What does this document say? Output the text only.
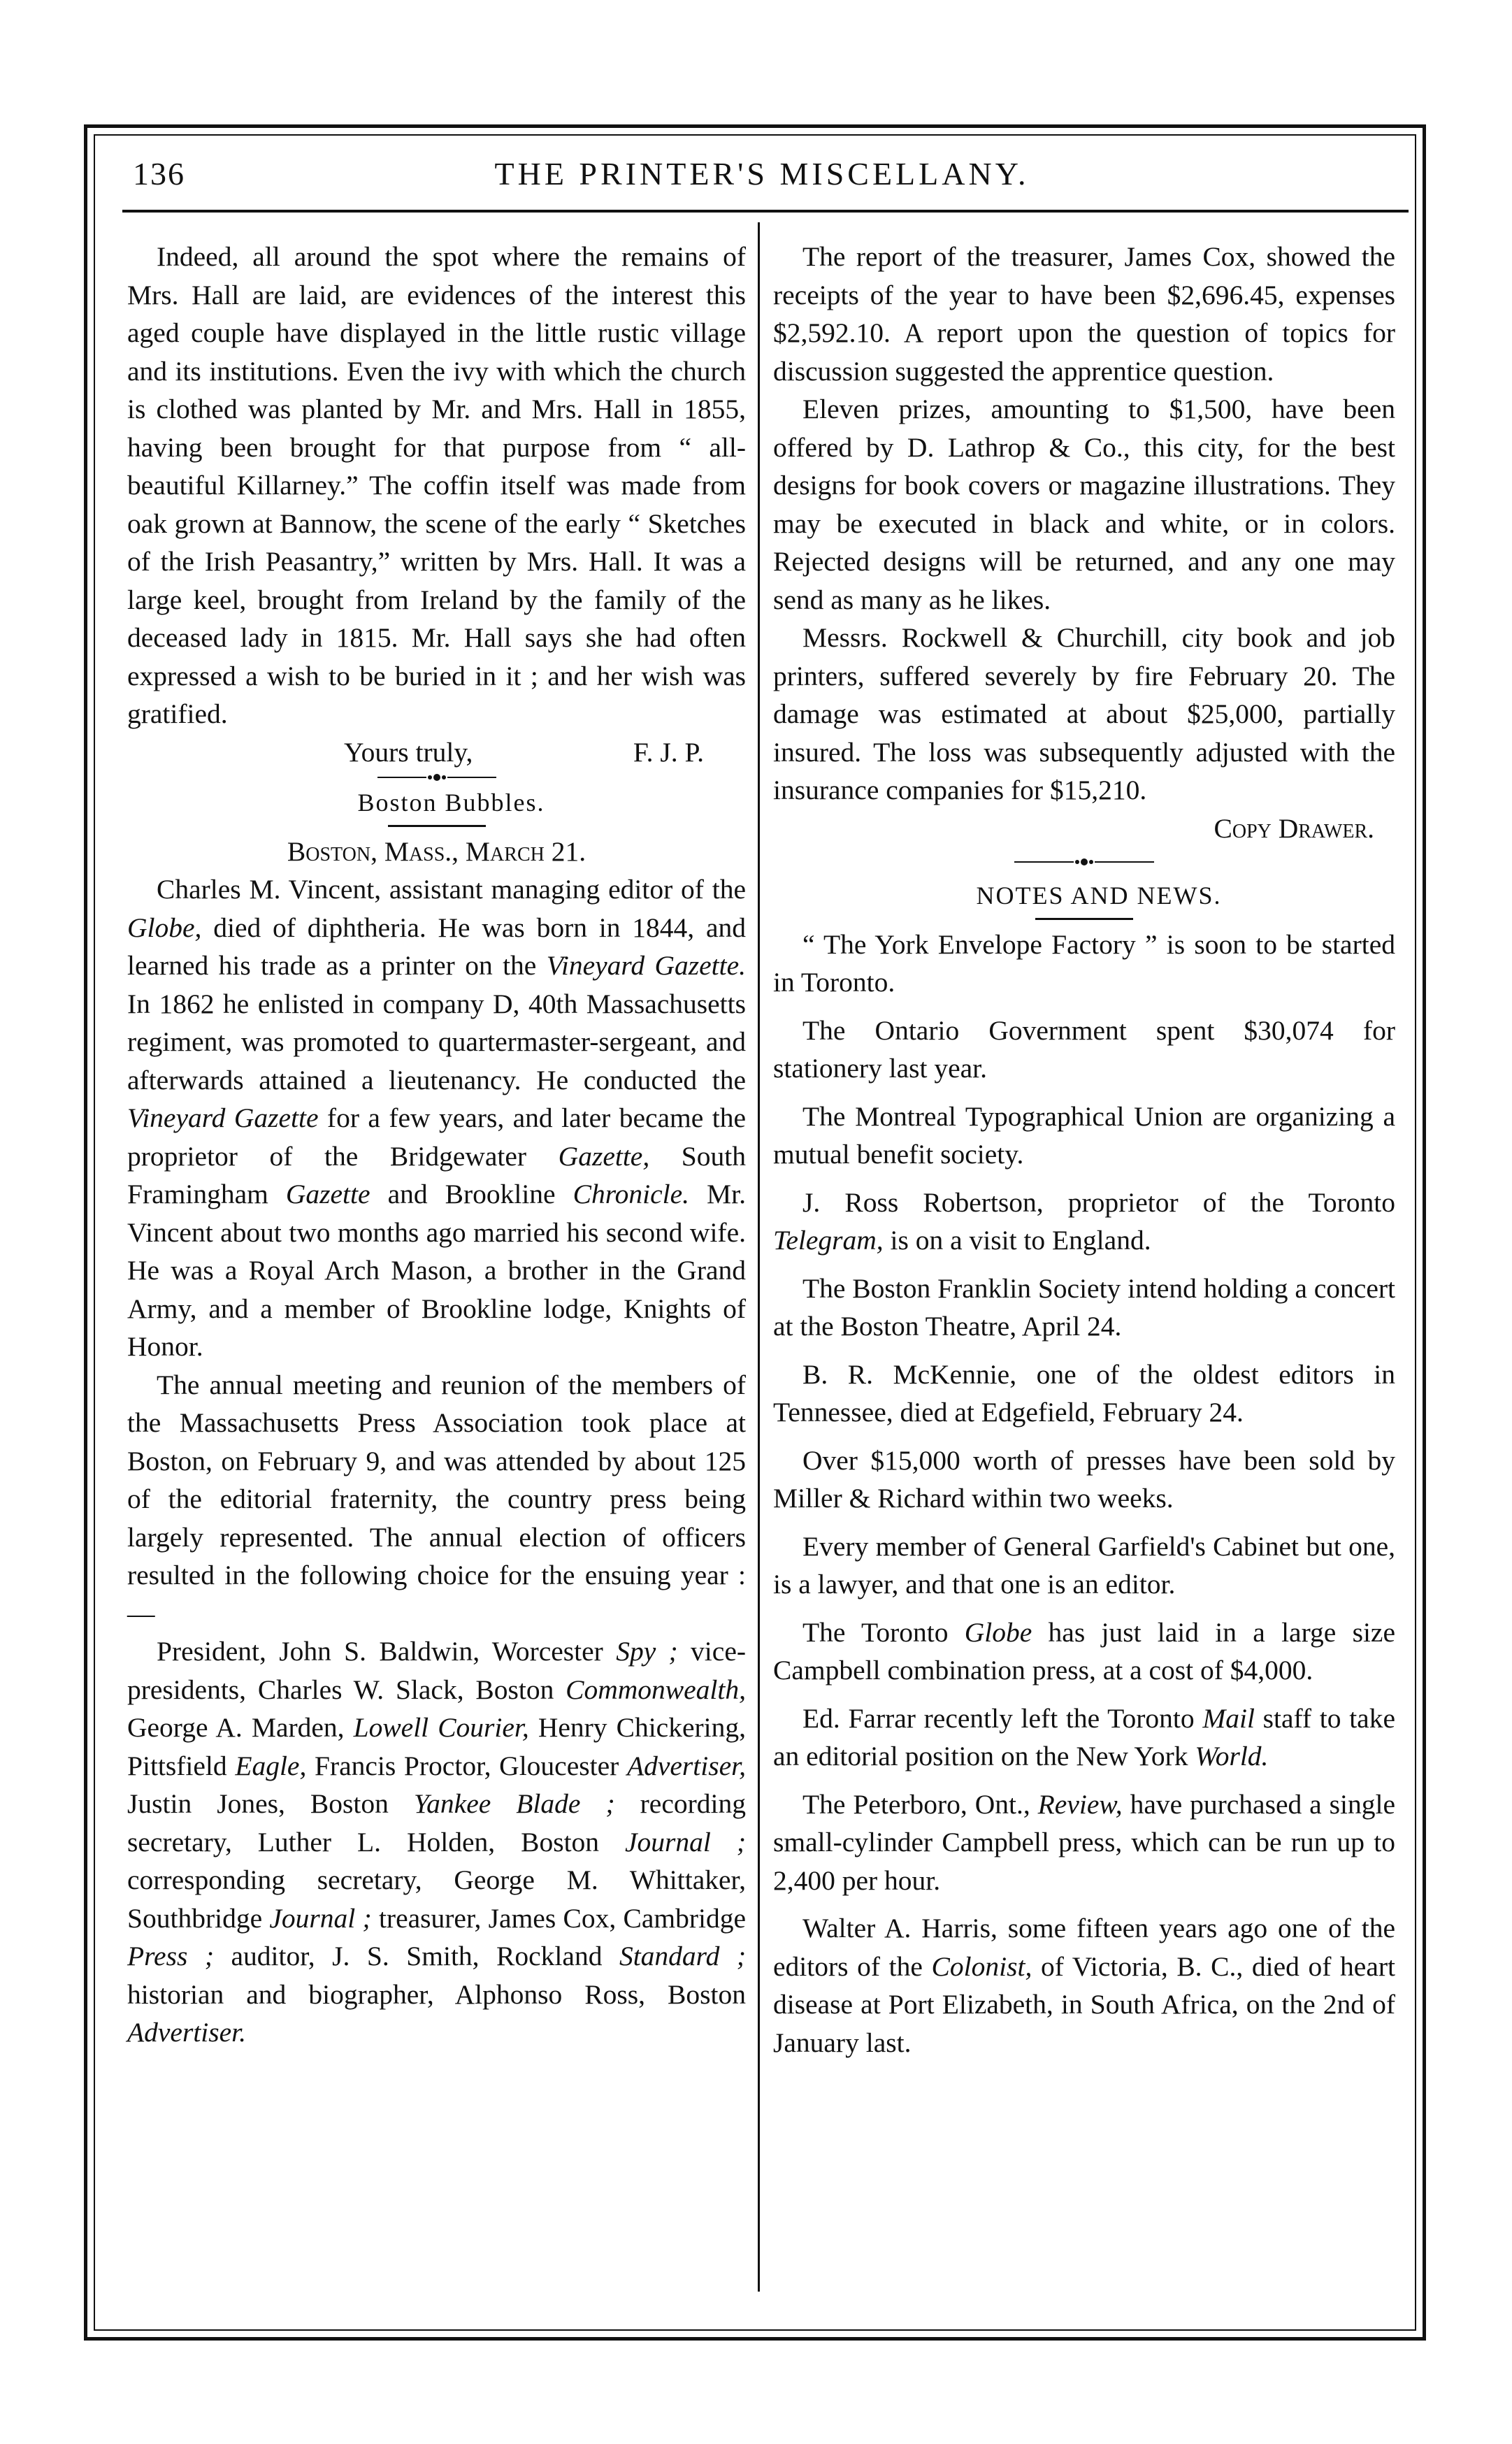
136	THE PRINTER'S MISCELLANY.

Indeed, all around the spot where the remains of Mrs. Hall are laid, are evidences of the interest this aged couple have displayed in the little rustic village and its institutions. Even the ivy with which the church is clothed was planted by Mr. and Mrs. Hall in 1855, having been brought for that purpose from “ all-beautiful Killarney.” The coffin itself was made from oak grown at Bannow, the scene of the early “ Sketches of the Irish Peasantry,” written by Mrs. Hall. It was a large keel, brought from Ireland by the family of the deceased lady in 1815. Mr. Hall says she had often expressed a wish to be buried in it ; and her wish was gratified.

Yours truly,	F. J. P.

Boston Bubbles.

Boston, Mass., March 21.

Charles M. Vincent, assistant managing editor of the Globe, died of diphtheria. He was born in 1844, and learned his trade as a printer on the Vineyard Gazette. In 1862 he enlisted in company D, 40th Massachusetts regiment, was promoted to quartermaster-sergeant, and afterwards attained a lieutenancy. He conducted the Vineyard Gazette for a few years, and later became the proprietor of the Bridgewater Gazette, South Framingham Gazette and Brookline Chronicle. Mr. Vincent about two months ago married his second wife. He was a Royal Arch Mason, a brother in the Grand Army, and a member of Brookline lodge, Knights of Honor.

The annual meeting and reunion of the members of the Massachusetts Press Association took place at Boston, on February 9, and was attended by about 125 of the editorial fraternity, the country press being largely represented. The annual election of officers resulted in the following choice for the ensuing year :—

President, John S. Baldwin, Worcester Spy ; vice-presidents, Charles W. Slack, Boston Commonwealth, George A. Marden, Lowell Courier, Henry Chickering, Pittsfield Eagle, Francis Proctor, Gloucester Advertiser, Justin Jones, Boston Yankee Blade ; recording secretary, Luther L. Holden, Boston Journal ; corresponding secretary, George M. Whittaker, Southbridge Journal ; treasurer, James Cox, Cambridge Press ; auditor, J. S. Smith, Rockland Standard ; historian and biographer, Alphonso Ross, Boston Advertiser.

The report of the treasurer, James Cox, showed the receipts of the year to have been $2,696.45, expenses $2,592.10. A report upon the question of topics for discussion suggested the apprentice question.

Eleven prizes, amounting to $1,500, have been offered by D. Lathrop & Co., this city, for the best designs for book covers or magazine illustrations. They may be executed in black and white, or in colors. Rejected designs will be returned, and any one may send as many as he likes.

Messrs. Rockwell & Churchill, city book and job printers, suffered severely by fire February 20. The damage was estimated at about $25,000, partially insured. The loss was subsequently adjusted with the insurance companies for $15,210.

Copy Drawer.

NOTES AND NEWS.

“ The York Envelope Factory ” is soon to be started in Toronto.

The Ontario Government spent $30,074 for stationery last year.

The Montreal Typographical Union are organizing a mutual benefit society.

J. Ross Robertson, proprietor of the Toronto Telegram, is on a visit to England.

The Boston Franklin Society intend holding a concert at the Boston Theatre, April 24.

B. R. McKennie, one of the oldest editors in Tennessee, died at Edgefield, February 24.

Over $15,000 worth of presses have been sold by Miller & Richard within two weeks.

Every member of General Garfield's Cabinet but one, is a lawyer, and that one is an editor.

The Toronto Globe has just laid in a large size Campbell combination press, at a cost of $4,000.

Ed. Farrar recently left the Toronto Mail staff to take an editorial position on the New York World.

The Peterboro, Ont., Review, have purchased a single small-cylinder Campbell press, which can be run up to 2,400 per hour.

Walter A. Harris, some fifteen years ago one of the editors of the Colonist, of Victoria, B. C., died of heart disease at Port Elizabeth, in South Africa, on the 2nd of January last.
